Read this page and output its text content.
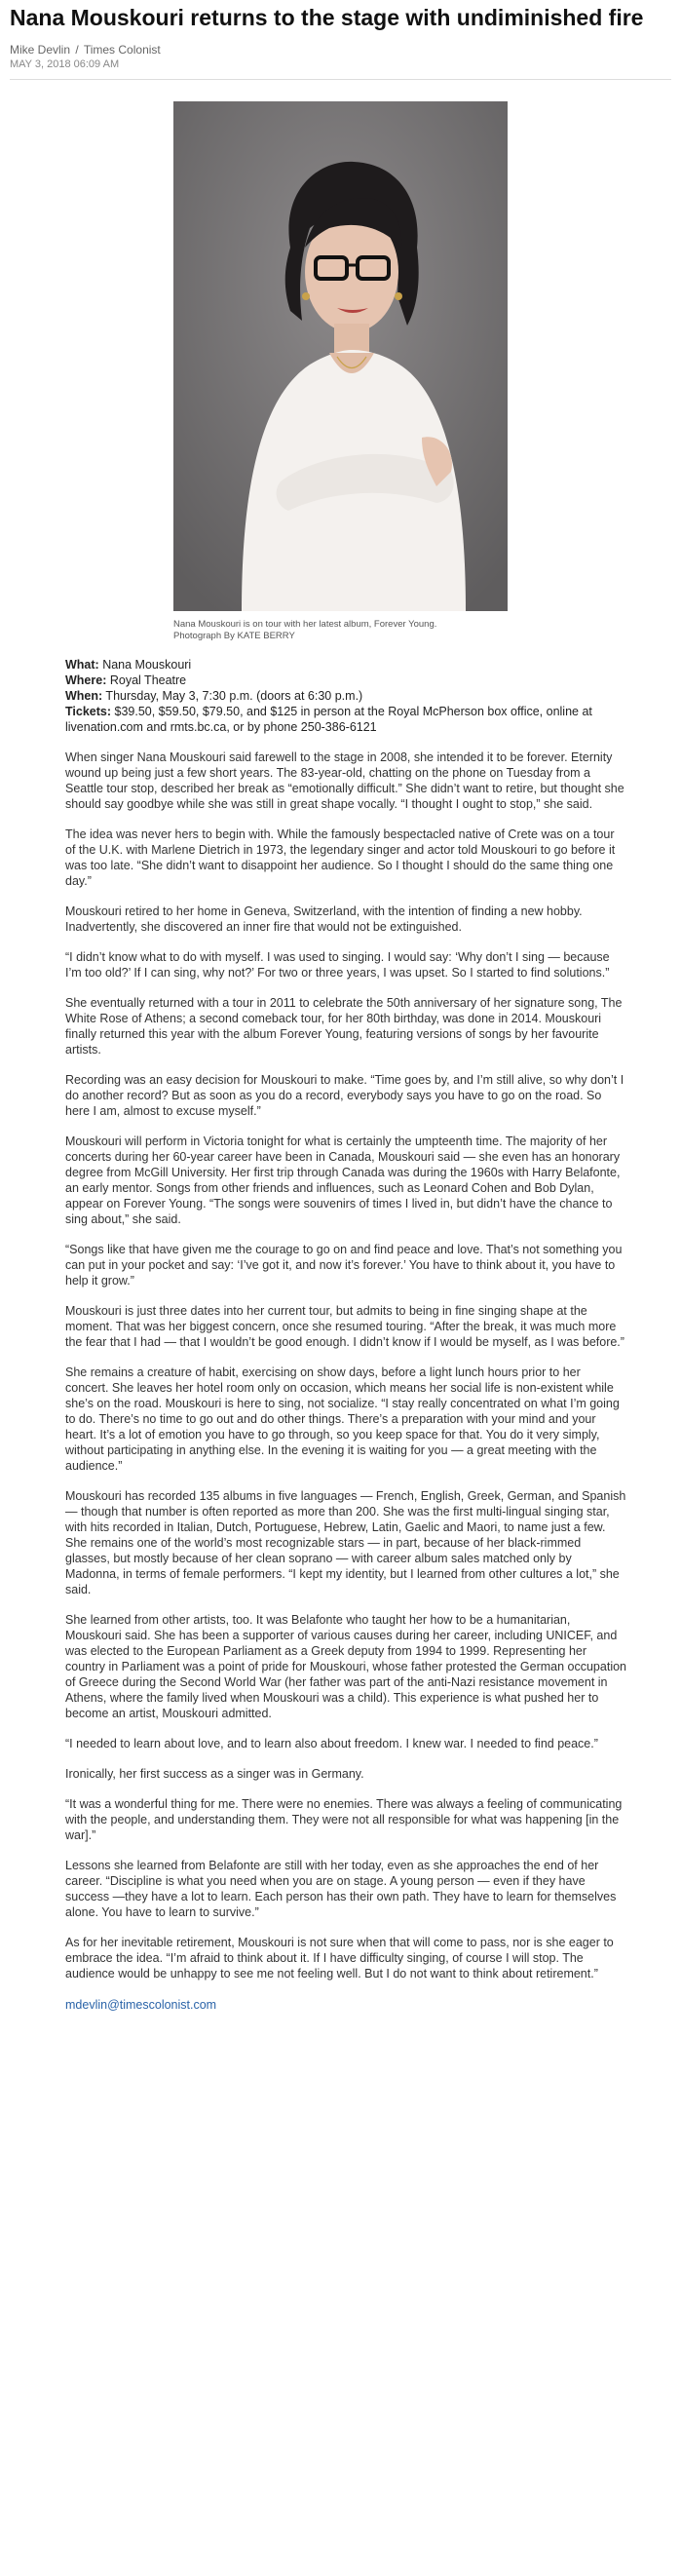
Nana Mouskouri returns to the stage with undiminished fire
Mike Devlin / Times Colonist
MAY 3, 2018 06:09 AM
Nana Mouskouri is on tour with her latest album, Forever Young.
Photograph By KATE BERRY

What: Nana Mouskouri

Where: Royal Theatre

When: Thursday, May 3, 7:30 p.m. (doors at 6:30 p.m.)

Tickets: $39.50, $59.50, $79.50, and $125 in person at the Royal McPherson box office, online at livenation.com and rmts.bc.ca, or by phone 250-386-6121

When singer Nana Mouskouri said farewell to the stage in 2008, she intended it to be forever. Eternity wound up being just a few short years. The 83-year-old, chatting on the phone on Tuesday from a Seattle tour stop, described her break as “emotionally difficult.” She didn’t want to retire, but thought she should say goodbye while she was still in great shape vocally. “I thought I ought to stop,” she said.

The idea was never hers to begin with. While the famously bespectacled native of Crete was on a tour of the U.K. with Marlene Dietrich in 1973, the legendary singer and actor told Mouskouri to go before it was too late. “She didn’t want to disappoint her audience. So I thought I should do the same thing one day.”

Mouskouri retired to her home in Geneva, Switzerland, with the intention of finding a new hobby. Inadvertently, she discovered an inner fire that would not be extinguished.

“I didn’t know what to do with myself. I was used to singing. I would say: ‘Why don’t I sing — because I’m too old?’ If I can sing, why not?’ For two or three years, I was upset. So I started to find solutions.”

She eventually returned with a tour in 2011 to celebrate the 50th anniversary of her signature song, The White Rose of Athens; a second comeback tour, for her 80th birthday, was done in 2014. Mouskouri finally returned this year with the album Forever Young, featuring versions of songs by her favourite artists.

Recording was an easy decision for Mouskouri to make. “Time goes by, and I’m still alive, so why don’t I do another record? But as soon as you do a record, everybody says you have to go on the road. So here I am, almost to excuse myself.”

Mouskouri will perform in Victoria tonight for what is certainly the umpteenth time. The majority of her concerts during her 60-year career have been in Canada, Mouskouri said — she even has an honorary degree from McGill University. Her first trip through Canada was during the 1960s with Harry Belafonte, an early mentor. Songs from other friends and influences, such as Leonard Cohen and Bob Dylan, appear on Forever Young. “The songs were souvenirs of times I lived in, but didn’t have the chance to sing about,” she said.

“Songs like that have given me the courage to go on and find peace and love. That’s not something you can put in your pocket and say: ‘I’ve got it, and now it’s forever.’ You have to think about it, you have to help it grow.”

Mouskouri is just three dates into her current tour, but admits to being in fine singing shape at the moment. That was her biggest concern, once she resumed touring. “After the break, it was much more the fear that I had — that I wouldn’t be good enough. I didn’t know if I would be myself, as I was before.”

She remains a creature of habit, exercising on show days, before a light lunch hours prior to her concert. She leaves her hotel room only on occasion, which means her social life is non-existent while she’s on the road. Mouskouri is here to sing, not socialize. “I stay really concentrated on what I’m going to do. There’s no time to go out and do other things. There’s a preparation with your mind and your heart. It’s a lot of emotion you have to go through, so you keep space for that. You do it very simply, without participating in anything else. In the evening it is waiting for you — a great meeting with the audience.”

Mouskouri has recorded 135 albums in five languages — French, English, Greek, German, and Spanish — though that number is often reported as more than 200. She was the first multi-lingual singing star, with hits recorded in Italian, Dutch, Portuguese, Hebrew, Latin, Gaelic and Maori, to name just a few. She remains one of the world’s most recognizable stars — in part, because of her black-rimmed glasses, but mostly because of her clean soprano — with career album sales matched only by Madonna, in terms of female performers. “I kept my identity, but I learned from other cultures a lot,” she said.

She learned from other artists, too. It was Belafonte who taught her how to be a humanitarian, Mouskouri said. She has been a supporter of various causes during her career, including UNICEF, and was elected to the European Parliament as a Greek deputy from 1994 to 1999. Representing her country in Parliament was a point of pride for Mouskouri, whose father protested the German occupation of Greece during the Second World War (her father was part of the anti-Nazi resistance movement in Athens, where the family lived when Mouskouri was a child). This experience is what pushed her to become an artist, Mouskouri admitted.

“I needed to learn about love, and to learn also about freedom. I knew war. I needed to find peace.”

Ironically, her first success as a singer was in Germany.

“It was a wonderful thing for me. There were no enemies. There was always a feeling of communicating with the people, and understanding them. They were not all responsible for what was happening [in the war].”

Lessons she learned from Belafonte are still with her today, even as she approaches the end of her career. “Discipline is what you need when you are on stage. A young person — even if they have success —they have a lot to learn. Each person has their own path. They have to learn for themselves alone. You have to learn to survive.”

As for her inevitable retirement, Mouskouri is not sure when that will come to pass, nor is she eager to embrace the idea. “I’m afraid to think about it. If I have difficulty singing, of course I will stop. The audience would be unhappy to see me not feeling well. But I do not want to think about retirement.”

mdevlin@timescolonist.com
